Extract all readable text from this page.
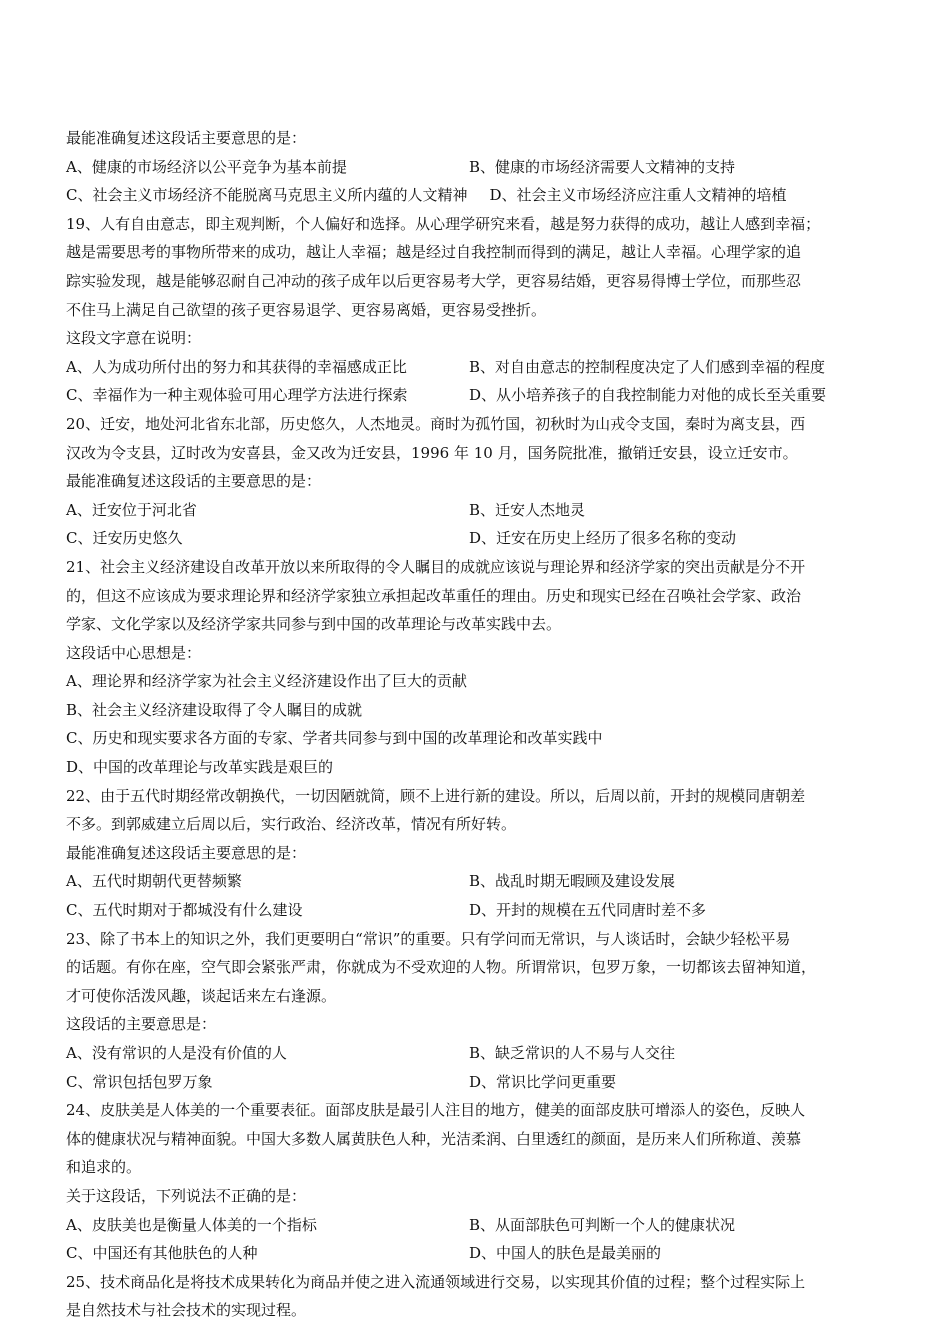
最能准确复述这段话主要意思的是：
A、健康的市场经济以公平竞争为基本前提	B、健康的市场经济需要人文精神的支持
C、社会主义市场经济不能脱离马克思主义所内蕴的人文精神 D、社会主义市场经济应注重人文精神的培植
19、人有自由意志，即主观判断，个人偏好和选择。从心理学研究来看，越是努力获得的成功，越让人感到幸福；
越是需要思考的事物所带来的成功，越让人幸福；越是经过自我控制而得到的满足，越让人幸福。心理学家的追
踪实验发现，越是能够忍耐自己冲动的孩子成年以后更容易考大学，更容易结婚，更容易得博士学位，而那些忍
不住马上满足自己欲望的孩子更容易退学、更容易离婚，更容易受挫折。
这段文字意在说明：
A、人为成功所付出的努力和其获得的幸福感成正比	B、对自由意志的控制程度决定了人们感到幸福的程度
C、幸福作为一种主观体验可用心理学方法进行探索	D、从小培养孩子的自我控制能力对他的成长至关重要
20、迁安，地处河北省东北部，历史悠久，人杰地灵。商时为孤竹国，初秋时为山戎令支国，秦时为离支县，西
汉改为令支县，辽时改为安喜县，金又改为迁安县，1996 年 10 月，国务院批准，撤销迁安县，设立迁安市。
最能准确复述这段话的主要意思的是：
A、迁安位于河北省	B、迁安人杰地灵
C、迁安历史悠久	D、迁安在历史上经历了很多名称的变动
21、社会主义经济建设自改革开放以来所取得的令人瞩目的成就应该说与理论界和经济学家的突出贡献是分不开
的，但这不应该成为要求理论界和经济学家独立承担起改革重任的理由。历史和现实已经在召唤社会学家、政治
学家、文化学家以及经济学家共同参与到中国的改革理论与改革实践中去。
这段话中心思想是：
A、理论界和经济学家为社会主义经济建设作出了巨大的贡献
B、社会主义经济建设取得了令人瞩目的成就
C、历史和现实要求各方面的专家、学者共同参与到中国的改革理论和改革实践中
D、中国的改革理论与改革实践是艰巨的
22、由于五代时期经常改朝换代，一切因陋就简，顾不上进行新的建设。所以，后周以前，开封的规模同唐朝差
不多。到郭威建立后周以后，实行政治、经济改革，情况有所好转。
最能准确复述这段话主要意思的是：
A、五代时期朝代更替频繁	B、战乱时期无暇顾及建设发展
C、五代时期对于都城没有什么建设	D、开封的规模在五代同唐时差不多
23、除了书本上的知识之外，我们更要明白“常识”的重要。只有学问而无常识，与人谈话时，会缺少轻松平易
的话题。有你在座，空气即会紧张严肃，你就成为不受欢迎的人物。所谓常识，包罗万象，一切都该去留神知道，
才可使你活泼风趣，谈起话来左右逢源。
这段话的主要意思是：
A、没有常识的人是没有价值的人	B、缺乏常识的人不易与人交往
C、常识包括包罗万象	D、常识比学问更重要
24、皮肤美是人体美的一个重要表征。面部皮肤是最引人注目的地方，健美的面部皮肤可增添人的姿色，反映人
体的健康状况与精神面貌。中国大多数人属黄肤色人种，光洁柔润、白里透红的颜面，是历来人们所称道、羡慕
和追求的。
关于这段话，下列说法不正确的是：
A、皮肤美也是衡量人体美的一个指标	B、从面部肤色可判断一个人的健康状况
C、中国还有其他肤色的人种	D、中国人的肤色是最美丽的
25、技术商品化是将技术成果转化为商品并使之进入流通领域进行交易，以实现其价值的过程；整个过程实际上
是自然技术与社会技术的实现过程。
